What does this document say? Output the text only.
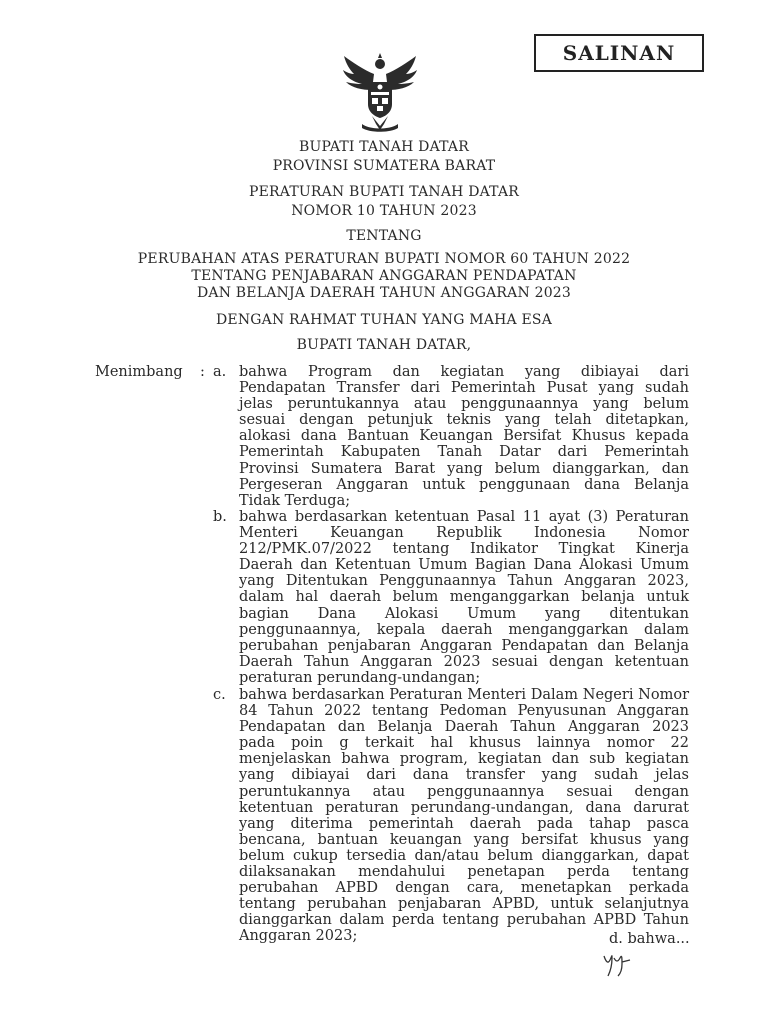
SALINAN
BUPATI TANAH DATAR
PROVINSI SUMATERA BARAT
PERATURAN BUPATI TANAH DATAR
NOMOR 10 TAHUN 2023
TENTANG
PERUBAHAN ATAS PERATURAN BUPATI NOMOR 60 TAHUN 2022
TENTANG PENJABARAN ANGGARAN PENDAPATAN
DAN BELANJA DAERAH TAHUN ANGGARAN 2023
DENGAN RAHMAT TUHAN YANG MAHA ESA
BUPATI TANAH DATAR,
Menimbang : a. bahwa Program dan kegiatan yang dibiayai dari
Pendapatan Transfer dari Pemerintah Pusat yang sudah
jelas peruntukannya atau penggunaannya yang belum
sesuai dengan petunjuk teknis yang telah ditetapkan,
alokasi dana Bantuan Keuangan Bersifat Khusus kepada
Pemerintah Kabupaten Tanah Datar dari Pemerintah
Provinsi Sumatera Barat yang belum dianggarkan, dan
Pergeseran Anggaran untuk penggunaan dana Belanja
Tidak Terduga;
b. bahwa berdasarkan ketentuan Pasal 11 ayat (3) Peraturan
Menteri Keuangan Republik Indonesia Nomor
212/PMK.07/2022 tentang Indikator Tingkat Kinerja
Daerah dan Ketentuan Umum Bagian Dana Alokasi Umum
yang Ditentukan Penggunaannya Tahun Anggaran 2023,
dalam hal daerah belum menganggarkan belanja untuk
bagian Dana Alokasi Umum yang ditentukan
penggunaannya, kepala daerah menganggarkan dalam
perubahan penjabaran Anggaran Pendapatan dan Belanja
Daerah Tahun Anggaran 2023 sesuai dengan ketentuan
peraturan perundang-undangan;
c. bahwa berdasarkan Peraturan Menteri Dalam Negeri Nomor
84 Tahun 2022 tentang Pedoman Penyusunan Anggaran
Pendapatan dan Belanja Daerah Tahun Anggaran 2023
pada poin g terkait hal khusus lainnya nomor 22
menjelaskan bahwa program, kegiatan dan sub kegiatan
yang dibiayai dari dana transfer yang sudah jelas
peruntukannya atau penggunaannya sesuai dengan
ketentuan peraturan perundang-undangan, dana darurat
yang diterima pemerintah daerah pada tahap pasca
bencana, bantuan keuangan yang bersifat khusus yang
belum cukup tersedia dan/atau belum dianggarkan, dapat
dilaksanakan mendahului penetapan perda tentang
perubahan APBD dengan cara, menetapkan perkada
tentang perubahan penjabaran APBD, untuk selanjutnya
dianggarkan dalam perda tentang perubahan APBD Tahun
Anggaran 2023;	d. bahwa...
